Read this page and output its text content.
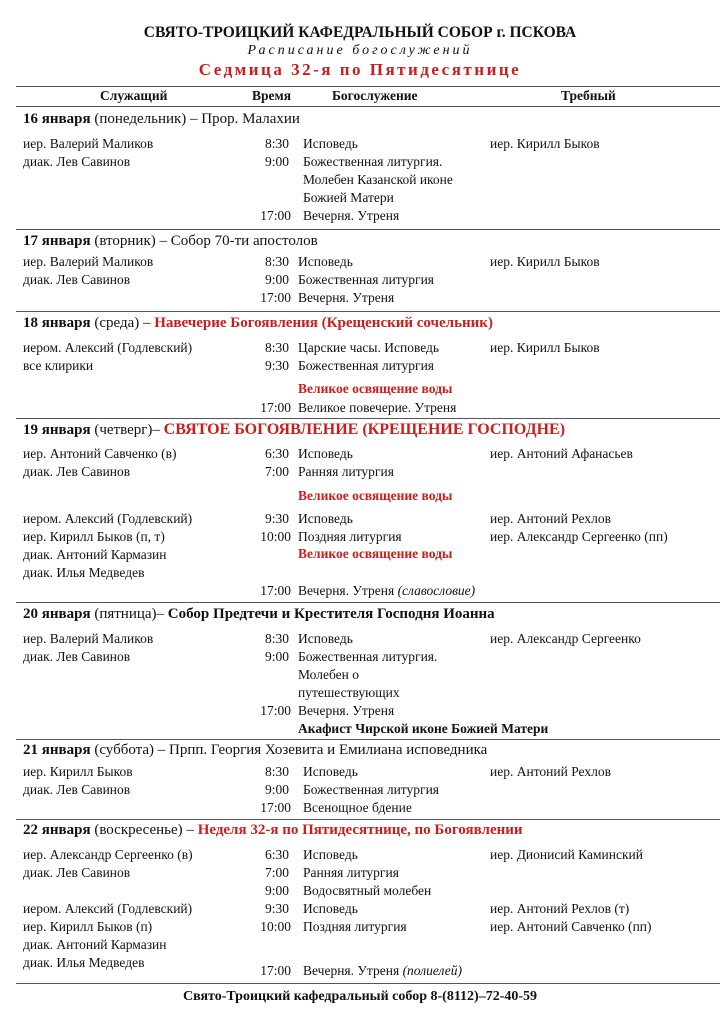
СВЯТО-ТРОИЦКИЙ КАФЕДРАЛЬНЫЙ СОБОР г. ПСКОВА
Расписание богослужений
Седмица 32-я по Пятидесятнице
Служащий	Время	Богослужение	Требный
16 января (понедельник) – Прор. Малахии
иер. Валерий Маликов	8:30 Исповедь	иер. Кирилл Быков
диак. Лев Савинов	9:00 Божественная литургия.
Молебен Казанской иконе
Божией Матери
17:00 Вечерня. Утреня
17 января (вторник) – Собор 70-ти апостолов
иер. Валерий Маликов	8:30 Исповедь	иер. Кирилл Быков
диак. Лев Савинов	9:00 Божественная литургия
17:00 Вечерня. Утреня
18 января (среда) – Навечерие Богоявления (Крещенский сочельник)
иером. Алексий (Годлевский)	8:30 Царские часы. Исповедь	иер. Кирилл Быков
все клирики	9:30 Божественная литургия
Великое освящение воды
17:00 Великое повечерие. Утреня
19 января (четверг)– СВЯТОЕ БОГОЯВЛЕНИЕ (КРЕЩЕНИЕ ГОСПОДНЕ)
иер. Антоний Савченко (в)	6:30 Исповедь	иер. Антоний Афанасьев
диак. Лев Савинов	7:00 Ранняя литургия
Великое освящение воды
иером. Алексий (Годлевский)	9:30 Исповедь	иер. Антоний Рехлов
иер. Кирилл Быков (п, т)	10:00 Поздняя литургия	иер. Александр Сергеенко (пп)
диак. Антоний Кармазин	Великое освящение воды
диак. Илья Медведев
17:00 Вечерня. Утреня (славословие)
20 января (пятница)– Собор Предтечи и Крестителя Господня Иоанна
иер. Валерий Маликов	8:30 Исповедь	иер. Александр Сергеенко
диак. Лев Савинов	9:00 Божественная литургия.
Молебен о
путешествующих
17:00 Вечерня. Утреня
Акафист Чирской иконе Божией Матери
21 января (суббота) – Прпп. Георгия Хозевита и Емилиана исповедника
иер. Кирилл Быков	8:30 Исповедь	иер. Антоний Рехлов
диак. Лев Савинов	9:00 Божественная литургия
17:00 Всенощное бдение
22 января (воскресенье) – Неделя 32-я по Пятидесятнице, по Богоявлении
иер. Александр Сергеенко (в)	6:30 Исповедь	иер. Дионисий Каминский
диак. Лев Савинов	7:00 Ранняя литургия
9:00 Водосвятный молебен
иером. Алексий (Годлевский)	9:30 Исповедь	иер. Антоний Рехлов (т)
иер. Кирилл Быков (п)	10:00 Поздняя литургия	иер. Антоний Савченко (пп)
диак. Антоний Кармазин
диак. Илья Медведев
17:00 Вечерня. Утреня (полиелей)
Свято-Троицкий кафедральный собор 8-(8112)–72-40-59
